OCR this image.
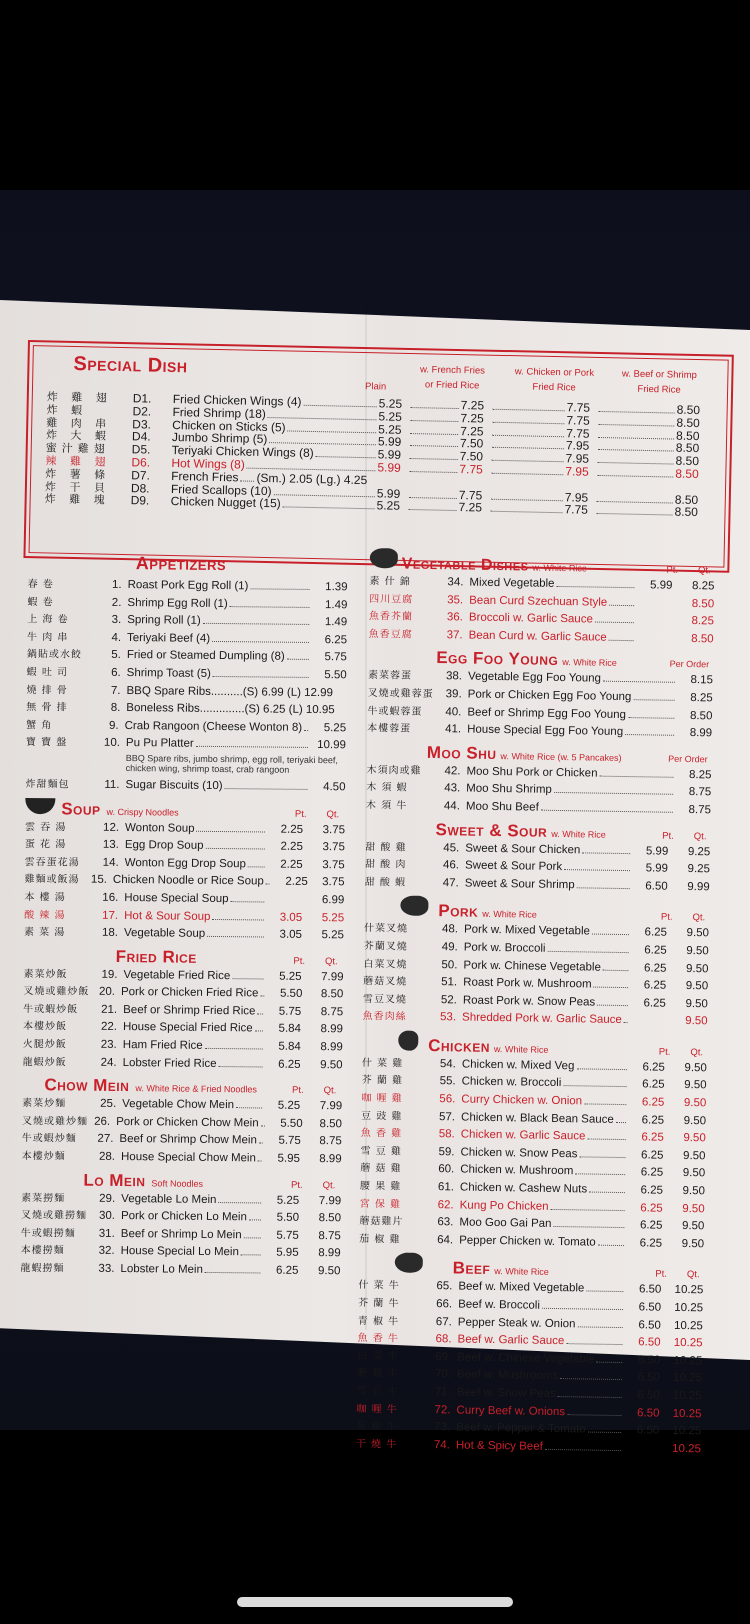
Special Dish
Plain
w. French Fries
or Fried Rice
w. Chicken or Pork
Fried Rice
w. Beef or Shrimp
Fried Rice
炸 雞 翅	D1.	Fried Chicken Wings (4)	5.25	7.25	7.75	8.50
炸 蝦	D2.	Fried Shrimp (18)	5.25	7.25	7.75	8.50
雞 肉 串	D3.	Chicken on Sticks (5)	5.25	7.25	7.75	8.50
炸 大 蝦	D4.	Jumbo Shrimp (5)	5.99	7.50	7.95	8.50
蜜汁雞翅	D5.	Teriyaki Chicken Wings (8)	5.99	7.50	7.95	8.50
辣 雞 翅	D6.	Hot Wings (8)	5.99	7.75	7.95	8.50
炸 薯 條	D7.	French Fries (Sm.) 2.05 (Lg.) 4.25
炸 干 貝	D8.	Fried Scallops (10)	5.99	7.75	7.95	8.50
炸 雞 塊	D9.	Chicken Nugget (15)	5.25	7.25	7.75	8.50
Appetizers
春 卷	1. Roast Pork Egg Roll (1)	1.39
蝦 卷	2. Shrimp Egg Roll (1)	1.49
上 海 卷	3. Spring Roll (1)	1.49
牛 肉 串	4. Teriyaki Beef (4)	6.25
鍋貼或水餃	5. Fried or Steamed Dumpling (8)	5.75
蝦 吐 司	6. Shrimp Toast (5)	5.50
燒 排 骨	7. BBQ Spare Ribs..........(S) 6.99 (L) 12.99
無 骨 排	8. Boneless Ribs..............(S) 6.25 (L) 10.95
蟹 角	9. Crab Rangoon (Cheese Wonton 8)	5.25
寶 寶 盤	10. Pu Pu Platter	10.99
BBQ Spare ribs, jumbo shrimp, egg roll, teriyaki beef, chicken wing, shrimp toast, crab rangoon
炸甜麵包	11. Sugar Biscuits (10)	4.50
Soup w. Crispy Noodles	Pt. Qt.
雲 吞 湯	12. Wonton Soup	2.25	3.75
蛋 花 湯	13. Egg Drop Soup	2.25	3.75
雲吞蛋花湯	14. Wonton Egg Drop Soup	2.25	3.75
雞麵或飯湯 15. Chicken Noodle or Rice Soup	2.25	3.75
本 樓 湯	16. House Special Soup	6.99
酸 辣 湯	17. Hot & Sour Soup	3.05	5.25
素 菜 湯	18. Vegetable Soup	3.05	5.25
Fried Rice	Pt. Qt.
素菜炒飯	19. Vegetable Fried Rice	5.25	7.99
叉燒或雞炒飯 20. Pork or Chicken Fried Rice	5.50	8.50
牛或蝦炒飯	21. Beef or Shrimp Fried Rice	5.75	8.75
本樓炒飯	22. House Special Fried Rice	5.84	8.99
火腿炒飯	23. Ham Fried Rice	5.84	8.99
龍蝦炒飯	24. Lobster Fried Rice	6.25	9.50
Chow Mein w. White Rice & Fried Noodles	Pt. Qt.
素菜炒麵	25. Vegetable Chow Mein	5.25	7.99
叉燒或雞炒麵 26. Pork or Chicken Chow Mein	5.50	8.50
牛或蝦炒麵	27. Beef or Shrimp Chow Mein	5.75	8.75
本樓炒麵	28. House Special Chow Mein	5.95	8.99
Lo Mein Soft Noodles	Pt. Qt.
素菜撈麵	29. Vegetable Lo Mein	5.25	7.99
叉燒或雞撈麵	30. Pork or Chicken Lo Mein	5.50	8.50
牛或蝦撈麵	31. Beef or Shrimp Lo Mein	5.75	8.75
本樓撈麵	32. House Special Lo Mein	5.95	8.99
龍蝦撈麵	33. Lobster Lo Mein	6.25	9.50
Vegetable Dishes w. White Rice	Pt. Qt.
素 什 錦	34. Mixed Vegetable	5.99	8.25
四川豆腐	35. Bean Curd Szechuan Style	8.50
魚香芥蘭	36. Broccoli w. Garlic Sauce	8.25
魚香豆腐	37. Bean Curd w. Garlic Sauce	8.50
Egg Foo Young w. White Rice	Per Order
素菜蓉蛋	38. Vegetable Egg Foo Young	8.15
叉燒或雞蓉蛋	39. Pork or Chicken Egg Foo Young	8.25
牛或蝦蓉蛋	40. Beef or Shrimp Egg Foo Young	8.50
本樓蓉蛋	41. House Special Egg Foo Young	8.99
Moo Shu w. White Rice (w. 5 Pancakes)	Per Order
木須肉或雞	42. Moo Shu Pork or Chicken	8.25
木 須 蝦	43. Moo Shu Shrimp	8.75
木 須 牛	44. Moo Shu Beef	8.75
Sweet & Sour w. White Rice	Pt. Qt.
甜 酸 雞	45. Sweet & Sour Chicken	5.99	9.25
甜 酸 肉	46. Sweet & Sour Pork	5.99	9.25
甜 酸 蝦	47. Sweet & Sour Shrimp	6.50	9.99
Pork w. White Rice	Pt. Qt.
什菜叉燒	48. Pork w. Mixed Vegetable	6.25	9.50
芥蘭叉燒	49. Pork w. Broccoli	6.25	9.50
白菜叉燒	50. Pork w. Chinese Vegetable	6.25	9.50
蘑菇叉燒	51. Roast Pork w. Mushroom	6.25	9.50
雪豆叉燒	52. Roast Pork w. Snow Peas	6.25	9.50
魚香肉絲	53. Shredded Pork w. Garlic Sauce	9.50
Chicken w. White Rice	Pt. Qt.
什 菜 雞	54. Chicken w. Mixed Veg	6.25	9.50
芥 蘭 雞	55. Chicken w. Broccoli	6.25	9.50
咖 喱 雞	56. Curry Chicken w. Onion	6.25	9.50
豆 豉 雞	57. Chicken w. Black Bean Sauce	6.25	9.50
魚 香 雞	58. Chicken w. Garlic Sauce	6.25	9.50
雪 豆 雞	59. Chicken w. Snow Peas	6.25	9.50
蘑 菇 雞	60. Chicken w. Mushroom	6.25	9.50
腰 果 雞	61. Chicken w. Cashew Nuts	6.25	9.50
宮 保 雞	62. Kung Po Chicken	6.25	9.50
蘑菇雞片	63. Moo Goo Gai Pan	6.25	9.50
茄 椒 雞	64. Pepper Chicken w. Tomato	6.25	9.50
Beef w. White Rice	Pt. Qt.
什 菜 牛	65. Beef w. Mixed Vegetable	6.50	10.25
芥 蘭 牛	66. Beef w. Broccoli	6.50	10.25
青 椒 牛	67. Pepper Steak w. Onion	6.50	10.25
魚 香 牛	68. Beef w. Garlic Sauce	6.50	10.25
白 菜 牛	69. Beef w. Chinese Vegetable	6.50	10.25
蘑 菇 牛	70. Beef w. Mushrooms	6.50	10.25
雪 豆 牛	71. Beef w. Snow Peas	6.50	10.25
咖 喱 牛	72. Curry Beef w. Onions	6.50	10.25
茄 椒 牛	73. Beef w. Pepper & Tomato	6.50	10.25
干 燒 牛	74. Hot & Spicy Beef	10.25
